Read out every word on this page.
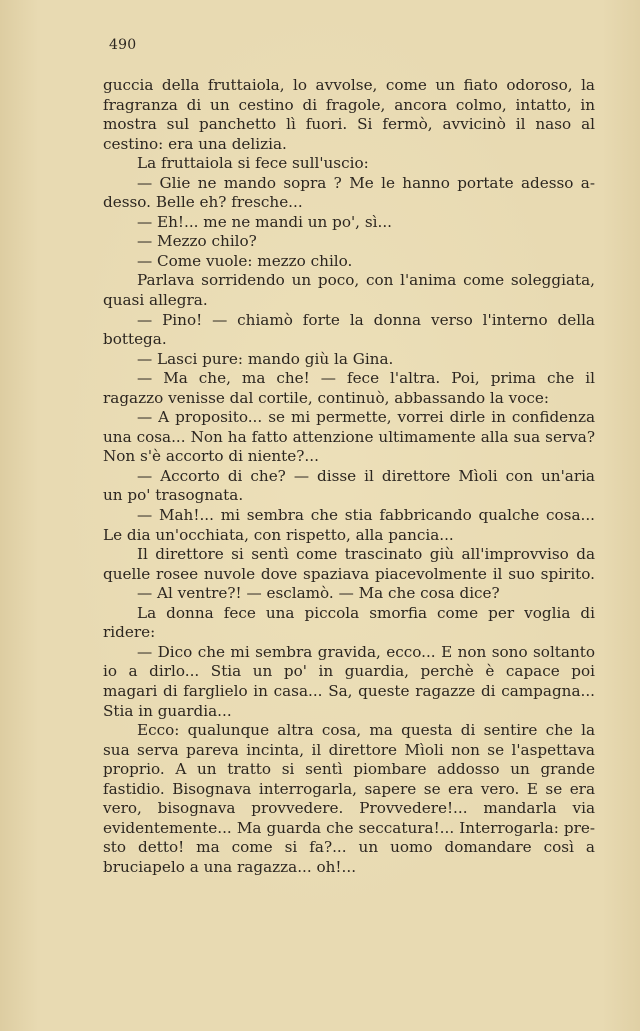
490
guccia della fruttaiola, lo avvolse, come un fiato odoroso, la
fragranza di un cestino di fragole, ancora colmo, intatto, in
mostra sul panchetto lì fuori. Si fermò, avvicinò il naso al
cestino: era una delizia.
La fruttaiola si fece sull'uscio:
— Glie ne mando sopra ? Me le hanno portate adesso a-
desso. Belle eh? fresche...
— Eh!... me ne mandi un po', sì...
— Mezzo chilo?
— Come vuole: mezzo chilo.
Parlava sorridendo un poco, con l'anima come soleggiata,
quasi allegra.
— Pino! — chiamò forte la donna verso l'interno della
bottega.
— Lasci pure: mando giù la Gina.
— Ma che, ma che! — fece l'altra. Poi, prima che il
ragazzo venisse dal cortile, continuò, abbassando la voce:
— A proposito... se mi permette, vorrei dirle in confidenza
una cosa... Non ha fatto attenzione ultimamente alla sua serva?
Non s'è accorto di niente?...
— Accorto di che? — disse il direttore Mìoli con un'aria
un po' trasognata.
— Mah!... mi sembra che stia fabbricando qualche cosa...
Le dia un'occhiata, con rispetto, alla pancia...
Il direttore si sentì come trascinato giù all'improvviso da
quelle rosee nuvole dove spaziava piacevolmente il suo spirito.
— Al ventre?! — esclamò. — Ma che cosa dice?
La donna fece una piccola smorfia come per voglia di
ridere:
— Dico che mi sembra gravida, ecco... E non sono soltanto
io a dirlo... Stia un po' in guardia, perchè è capace poi
magari di farglielo in casa... Sa, queste ragazze di campagna...
Stia in guardia...
Ecco: qualunque altra cosa, ma questa di sentire che la
sua serva pareva incinta, il direttore Mìoli non se l'aspettava
proprio. A un tratto si sentì piombare addosso un grande
fastidio. Bisognava interrogarla, sapere se era vero. E se era
vero, bisognava provvedere. Provvedere!... mandarla via
evidentemente... Ma guarda che seccatura!... Interrogarla: pre-
sto detto! ma come si fa?... un uomo domandare così a
bruciapelo a una ragazza... oh!...
